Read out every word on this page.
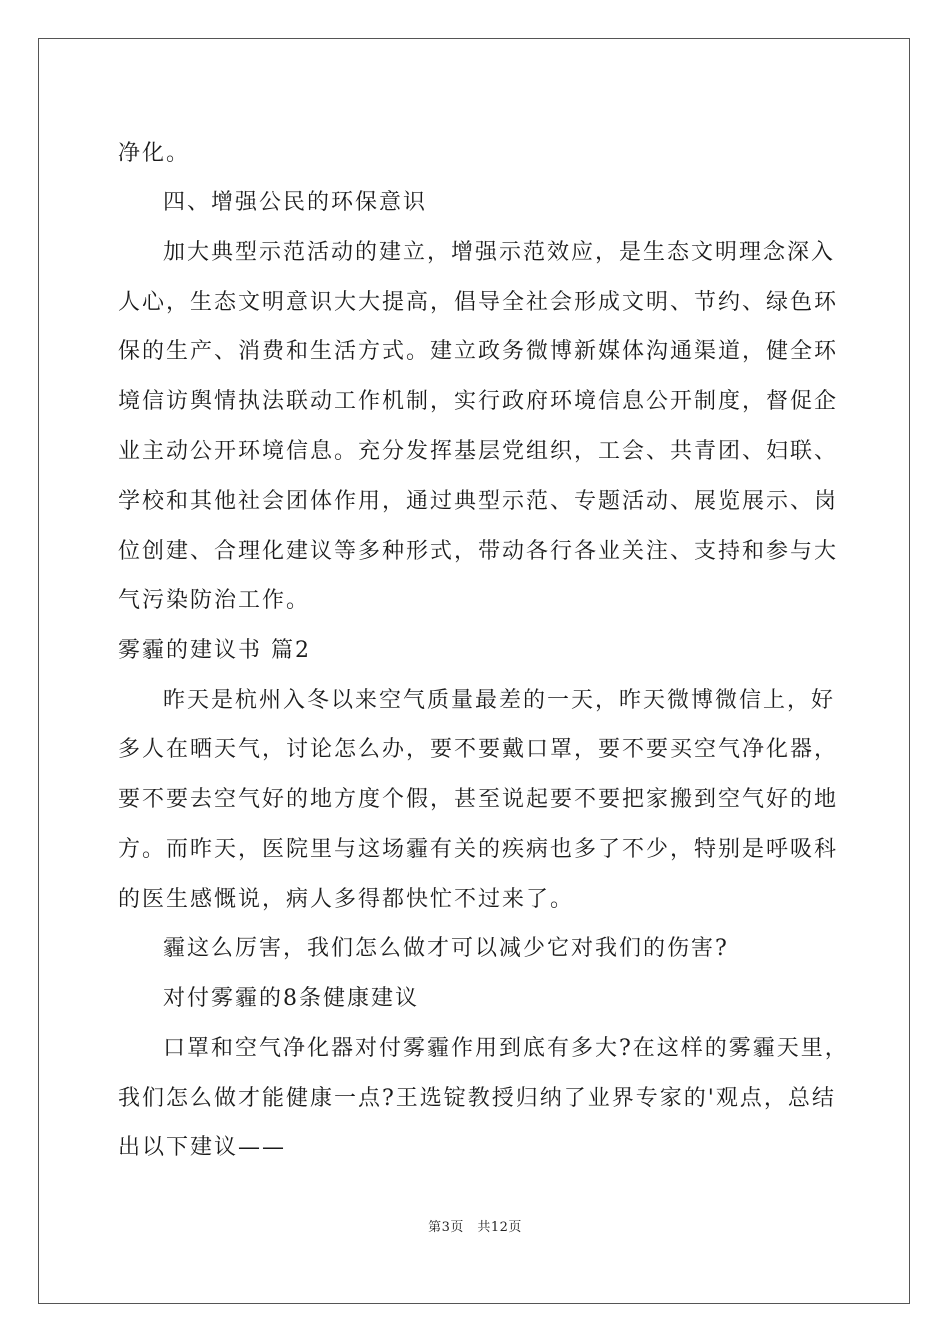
净化。
四、增强公民的环保意识
加大典型示范活动的建立，增强示范效应，是生态文明理念深入
人心，生态文明意识大大提高，倡导全社会形成文明、节约、绿色环
保的生产、消费和生活方式。建立政务微博新媒体沟通渠道，健全环
境信访舆情执法联动工作机制，实行政府环境信息公开制度，督促企
业主动公开环境信息。充分发挥基层党组织，工会、共青团、妇联、
学校和其他社会团体作用，通过典型示范、专题活动、展览展示、岗
位创建、合理化建议等多种形式，带动各行各业关注、支持和参与大
气污染防治工作。
雾霾的建议书 篇2
昨天是杭州入冬以来空气质量最差的一天，昨天微博微信上，好
多人在晒天气，讨论怎么办，要不要戴口罩，要不要买空气净化器，
要不要去空气好的地方度个假，甚至说起要不要把家搬到空气好的地
方。而昨天，医院里与这场霾有关的疾病也多了不少，特别是呼吸科
的医生感慨说，病人多得都快忙不过来了。
霾这么厉害，我们怎么做才可以减少它对我们的伤害?
对付雾霾的8条健康建议
口罩和空气净化器对付雾霾作用到底有多大?在这样的雾霾天里，
我们怎么做才能健康一点?王选锭教授归纳了业界专家的'观点，总结
出以下建议——
第3页　共12页
